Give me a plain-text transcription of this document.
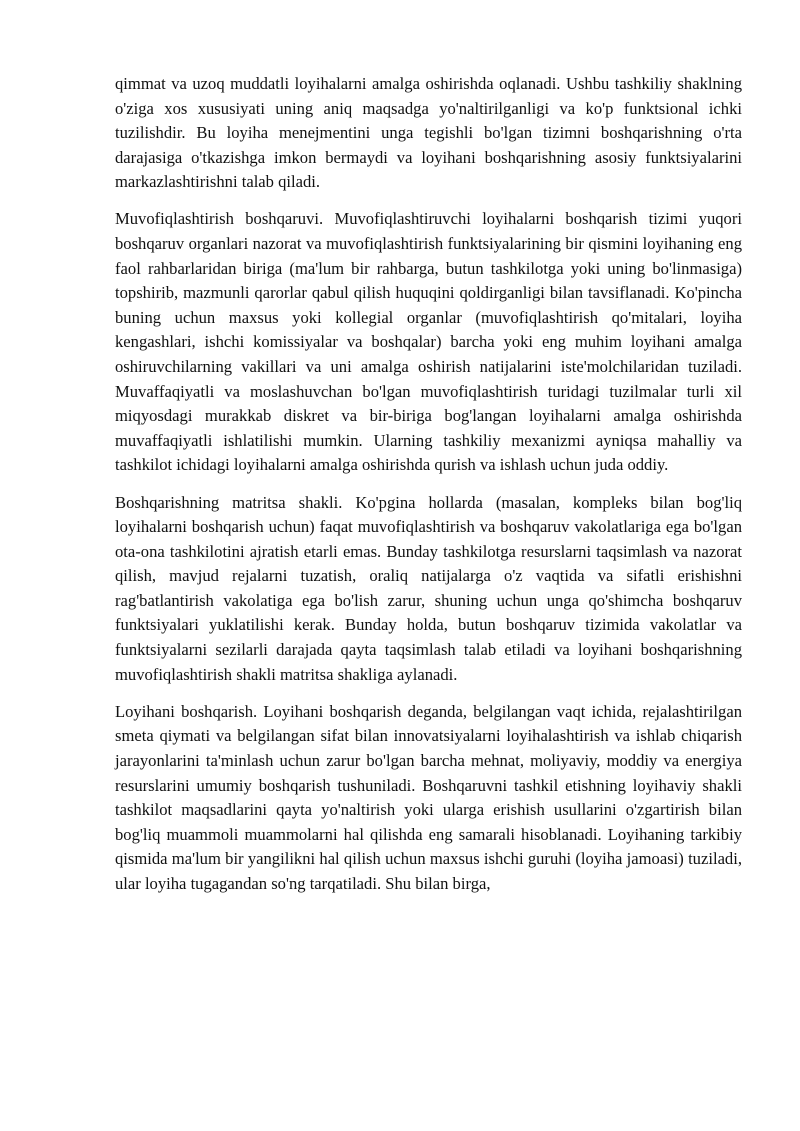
qimmat va uzoq muddatli loyihalarni amalga oshirishda oqlanadi. Ushbu tashkiliy shaklning o'ziga xos xususiyati uning aniq maqsadga yo'naltirilganligi va ko'p funktsional ichki tuzilishdir. Bu loyiha menejmentini unga tegishli bo'lgan tizimni boshqarishning o'rta darajasiga o'tkazishga imkon bermaydi va loyihani boshqarishning asosiy funktsiyalarini markazlashtirishni talab qiladi.

Muvofiqlashtirish boshqaruvi. Muvofiqlashtiruvchi loyihalarni boshqarish tizimi yuqori boshqaruv organlari nazorat va muvofiqlashtirish funktsiyalarining bir qismini loyihaning eng faol rahbarlaridan biriga (ma'lum bir rahbarga, butun tashkilotga yoki uning bo'linmasiga) topshirib, mazmunli qarorlar qabul qilish huquqini qoldirganligi bilan tavsiflanadi. Ko'pincha buning uchun maxsus yoki kollegial organlar (muvofiqlashtirish qo'mitalari, loyiha kengashlari, ishchi komissiyalar va boshqalar) barcha yoki eng muhim loyihani amalga oshiruvchilarning vakillari va uni amalga oshirish natijalarini iste'molchilaridan tuziladi. Muvaffaqiyatli va moslashuvchan bo'lgan muvofiqlashtirish turidagi tuzilmalar turli xil miqyosdagi murakkab diskret va bir-biriga bog'langan loyihalarni amalga oshirishda muvaffaqiyatli ishlatilishi mumkin. Ularning tashkiliy mexanizmi ayniqsa mahalliy va tashkilot ichidagi loyihalarni amalga oshirishda qurish va ishlash uchun juda oddiy.

Boshqarishning matritsa shakli. Ko'pgina hollarda (masalan, kompleks bilan bog'liq loyihalarni boshqarish uchun) faqat muvofiqlashtirish va boshqaruv vakolatlariga ega bo'lgan ota-ona tashkilotini ajratish etarli emas. Bunday tashkilotga resurslarni taqsimlash va nazorat qilish, mavjud rejalarni tuzatish, oraliq natijalarga o'z vaqtida va sifatli erishishni rag'batlantirish vakolatiga ega bo'lish zarur, shuning uchun unga qo'shimcha boshqaruv funktsiyalari yuklatilishi kerak. Bunday holda, butun boshqaruv tizimida vakolatlar va funktsiyalarni sezilarli darajada qayta taqsimlash talab etiladi va loyihani boshqarishning muvofiqlashtirish shakli matritsa shakliga aylanadi.

Loyihani boshqarish. Loyihani boshqarish deganda, belgilangan vaqt ichida, rejalashtirilgan smeta qiymati va belgilangan sifat bilan innovatsiyalarni loyihalashtirish va ishlab chiqarish jarayonlarini ta'minlash uchun zarur bo'lgan barcha mehnat, moliyaviy, moddiy va energiya resurslarini umumiy boshqarish tushuniladi. Boshqaruvni tashkil etishning loyihaviy shakli tashkilot maqsadlarini qayta yo'naltirish yoki ularga erishish usullarini o'zgartirish bilan bog'liq muammoli muammolarni hal qilishda eng samarali hisoblanadi. Loyihaning tarkibiy qismida ma'lum bir yangilikni hal qilish uchun maxsus ishchi guruhi (loyiha jamoasi) tuziladi, ular loyiha tugagandan so'ng tarqatiladi. Shu bilan birga,
